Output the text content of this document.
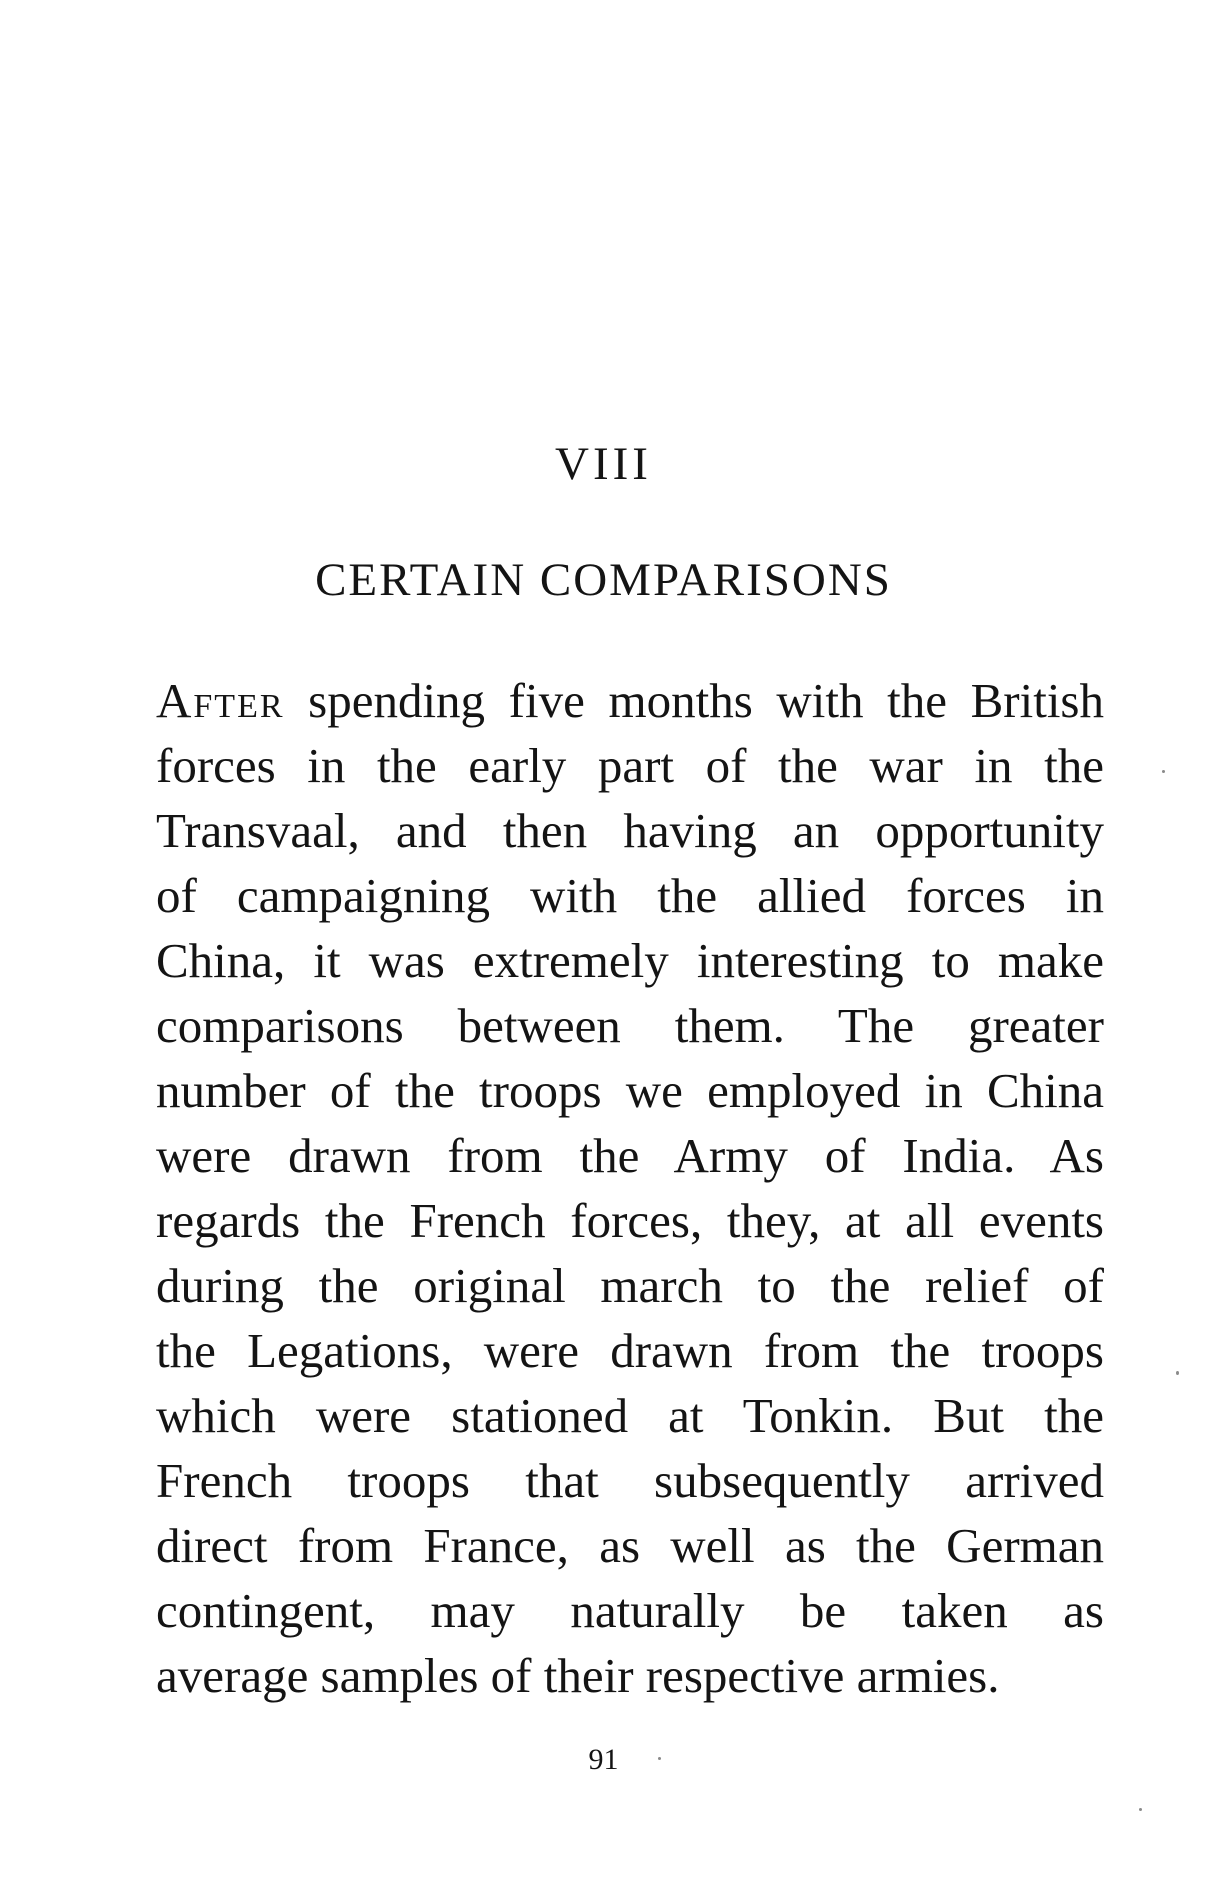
VIII
CERTAIN COMPARISONS
After spending five months with the British
forces in the early part of the war in the
Transvaal, and then having an opportunity
of campaigning with the allied forces in
China, it was extremely interesting to make
comparisons between them. The greater
number of the troops we employed in China
were drawn from the Army of India. As
regards the French forces, they, at all events
during the original march to the relief of
the Legations, were drawn from the troops
which were stationed at Tonkin. But the
French troops that subsequently arrived
direct from France, as well as the German
contingent, may naturally be taken as
average samples of their respective armies.
91
